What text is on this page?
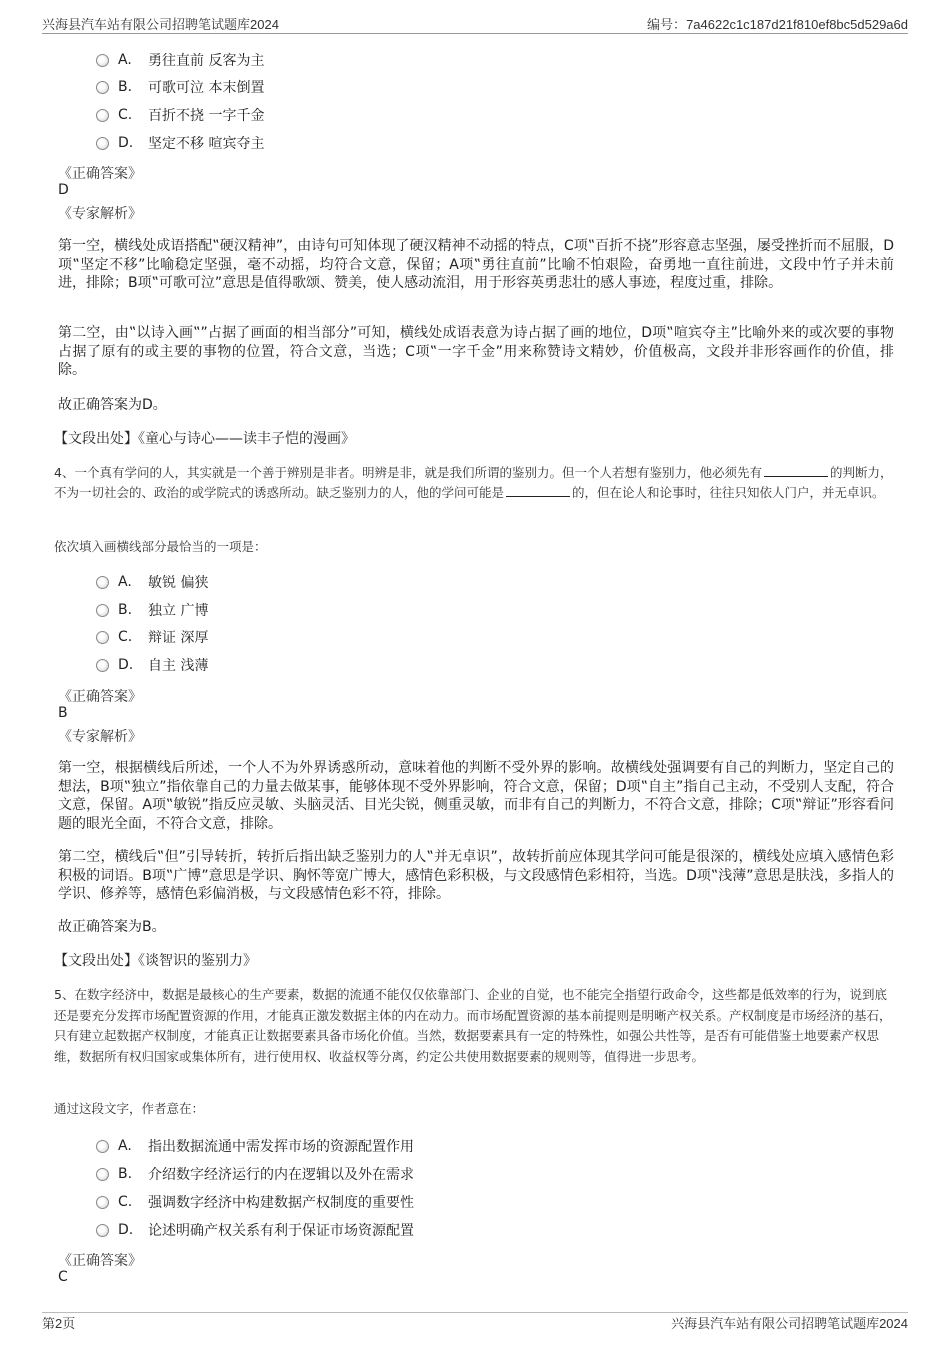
兴海县汽车站有限公司招聘笔试题库2024	编号：7a4622c1c187d21f810ef8bc5d529a6d
A.	勇往直前 反客为主
B.	可歌可泣 本末倒置
C.	百折不挠 一字千金
D.	坚定不移 喧宾夺主
《正确答案》
D
《专家解析》
第一空，横线处成语搭配‟硬汉精神”，由诗句可知体现了硬汉精神不动摇的特点，C项‟百折不挠”形容意志坚强，屡受挫折而不屈服，D项‟坚定不移”比喻稳定坚强，毫不动摇，均符合文意，保留；A项‟勇往直前”比喻不怕艰险，奋勇地一直往前进，文段中竹子并未前进，排除；B项‟可歌可泣”意思是值得歌颂、赞美，使人感动流泪，用于形容英勇悲壮的感人事迹，程度过重，排除。
第二空，由‟以诗入画‟”占据了画面的相当部分”可知，横线处成语表意为诗占据了画的地位，D项‟喧宾夺主”比喻外来的或次要的事物占据了原有的或主要的事物的位置，符合文意，当选；C项‟一字千金”用来称赞诗文精妙，价值极高，文段并非形容画作的价值，排除。
故正确答案为D。
【文段出处】《童心与诗心——读丰子恺的漫画》
4、一个真有学问的人，其实就是一个善于辨别是非者。明辨是非，就是我们所谓的鉴别力。但一个人若想有鉴别力，他必须先有	的判断力，不为一切社会的、政治的或学院式的诱惑所动。缺乏鉴别力的人，他的学问可能是	的，但在论人和论事时，往往只知依人门户，并无卓识。
依次填入画横线部分最恰当的一项是：
A.	敏锐 偏狭
B.	独立 广博
C.	辩证 深厚
D.	自主 浅薄
《正确答案》
B
《专家解析》
第一空，根据横线后所述，一个人不为外界诱惑所动，意味着他的判断不受外界的影响。故横线处强调要有自己的判断力，坚定自己的想法，B项‟独立”指依靠自己的力量去做某事，能够体现不受外界影响，符合文意，保留；D项‟自主”指自己主动，不受别人支配，符合文意，保留。A项‟敏锐”指反应灵敏、头脑灵活、目光尖锐，侧重灵敏，而非有自己的判断力，不符合文意，排除；C项‟辩证”形容看问题的眼光全面，不符合文意，排除。
第二空，横线后‟但”引导转折，转折后指出缺乏鉴别力的人‟并无卓识”，故转折前应体现其学问可能是很深的，横线处应填入感情色彩积极的词语。B项‟广博”意思是学识、胸怀等宽广博大，感情色彩积极，与文段感情色彩相符，当选。D项‟浅薄”意思是肤浅，多指人的学识、修养等，感情色彩偏消极，与文段感情色彩不符，排除。
故正确答案为B。
【文段出处】《谈智识的鉴别力》
5、在数字经济中，数据是最核心的生产要素，数据的流通不能仅仅依靠部门、企业的自觉，也不能完全指望行政命令，这些都是低效率的行为，说到底还是要充分发挥市场配置资源的作用，才能真正激发数据主体的内在动力。而市场配置资源的基本前提则是明晰产权关系。产权制度是市场经济的基石，只有建立起数据产权制度，才能真正让数据要素具备市场化价值。当然，数据要素具有一定的特殊性，如强公共性等，是否有可能借鉴土地要素产权思维，数据所有权归国家或集体所有，进行使用权、收益权等分离，约定公共使用数据要素的规则等，值得进一步思考。
通过这段文字，作者意在：
A.	指出数据流通中需发挥市场的资源配置作用
B.	介绍数字经济运行的内在逻辑以及外在需求
C.	强调数字经济中构建数据产权制度的重要性
D.	论述明确产权关系有利于保证市场资源配置
《正确答案》
C
第2页	兴海县汽车站有限公司招聘笔试题库2024
